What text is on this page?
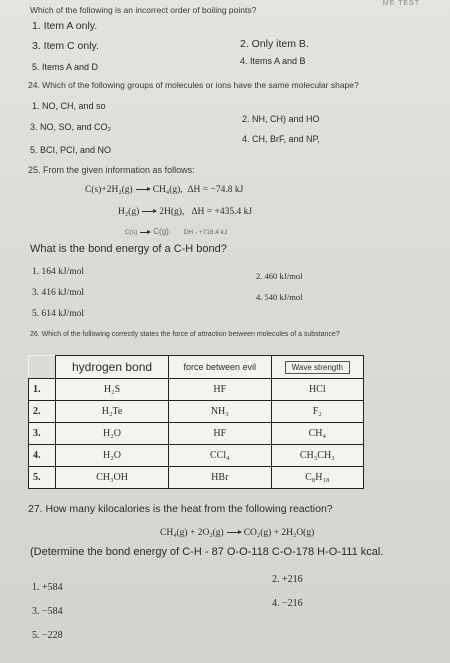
ME TEST
Which of the following is an incorrect order of boiling points?
1. Item A only.
2. Only item B.
3. Item C only.
4. Items A and B
5. Items A and D
24. Which of the following groups of molecules or ions have the same molecular shape?
1. NO, CH, and so
2. NH, CH) and HO
3. NO, SO, and CO₂
4. CH, BrF, and NP,
5. BCI, PCI, and NO
25. From the given information as follows:
C(s)+2H₂(g) CH₄(g), ΔH = −74.8 kJ
H₂(g) 2H(g), ΔH = +435.4 kJ
C(s) C(g). DH - +718.4 kJ
What is the bond energy of a C-H bond?
1. 164 kJ/mol	2. 460 kJ/mol
3. 416 kJ/mol	4. 540 kJ/mol
5. 614 kJ/mol
26. Which of the following correctly states the force of attraction between molecules of a substance?
	hydrogen bond	force between evil	Wave strength
1.	H₂S	HF	HCl
2.	H₂Te	NH₃	F₂
3.	H₂O	HF	CH₄
4.	H₂O	CCl₄	CH₃CH₃
5.	CH₃OH	HBr	C₈H₁₈
27. How many kilocalories is the heat from the following reaction?
CH₄(g) + 2O₂(g) CO₂(g) + 2H₂O(g)
(Determine the bond energy of C-H - 87 O-O-118 C-O-178 H-O-111 kcal.
1. +584
2. +216
3. −584
4. −216
5. −228
